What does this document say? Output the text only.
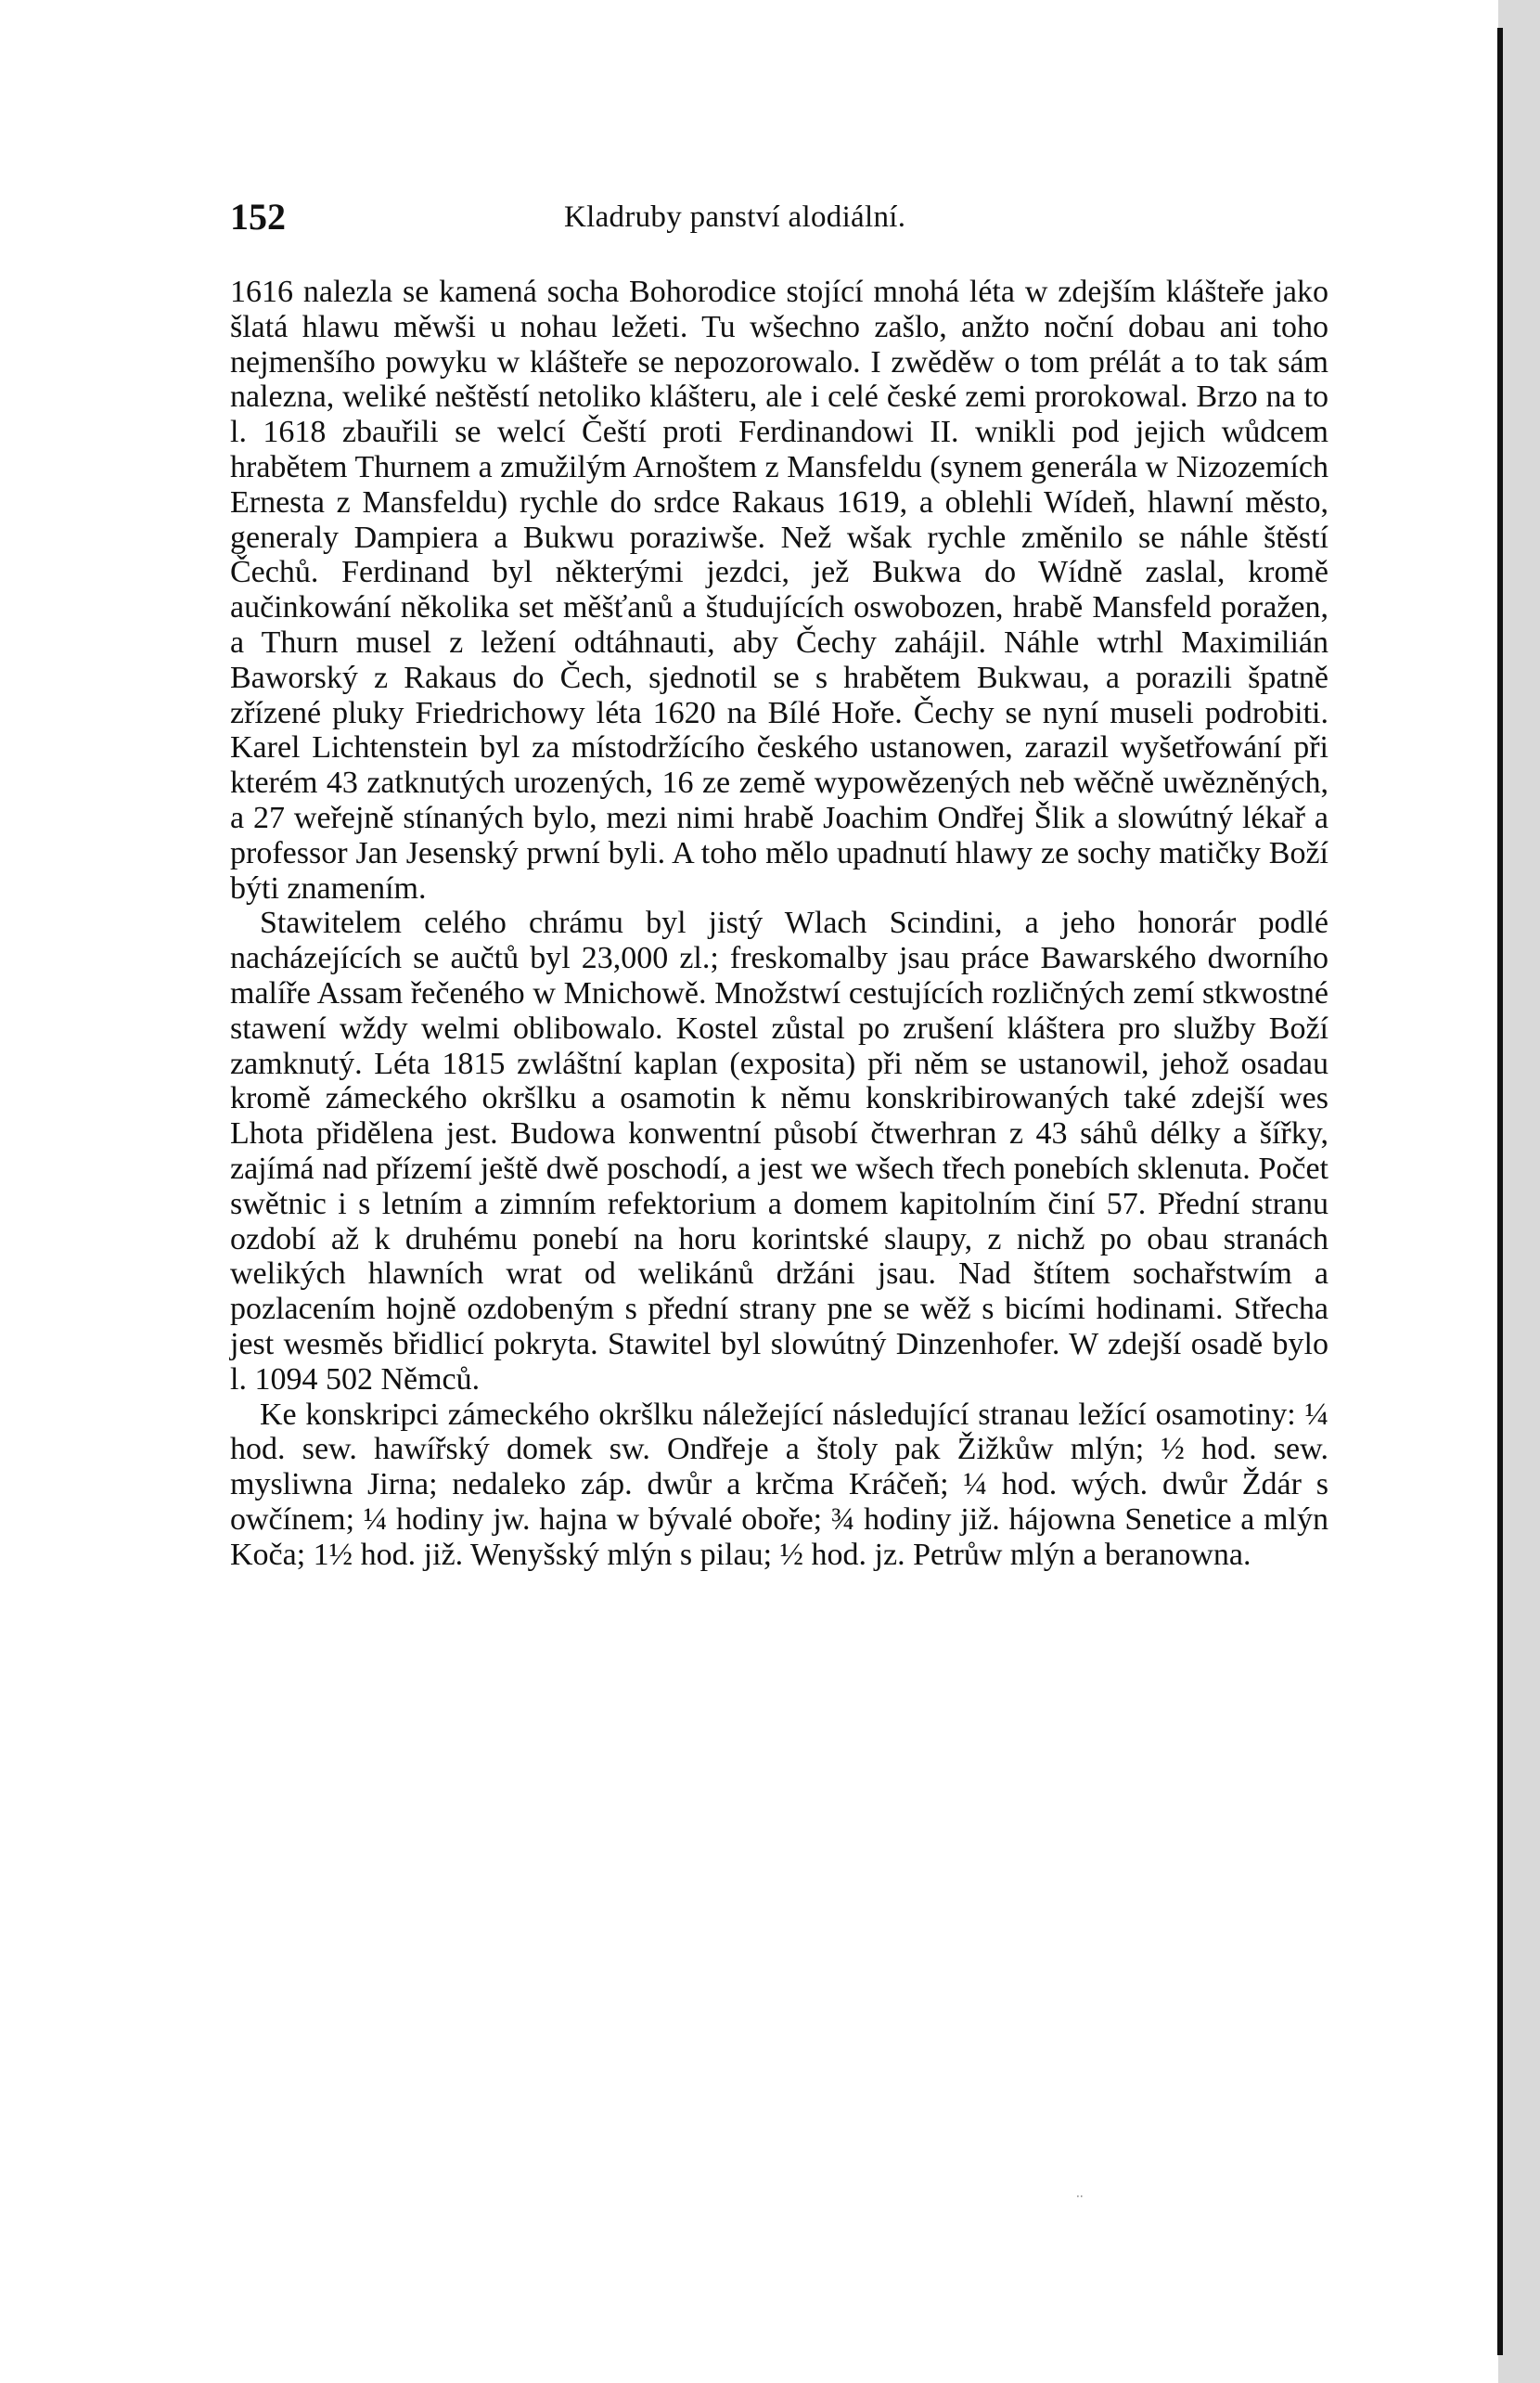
152	Kladruby panství alodiální.

1616 nalezla se kamená socha Bohorodice stojící mnohá léta w zdejším klášteře jako šlatá hlawu měwši u nohau ležeti. Tu wšechno zašlo, anžto noční dobau ani toho nejmenšího powyku w klášteře se nepozorowalo. I zwěděw o tom prélát a to tak sám nalezna, weliké neštěstí netoliko klášteru, ale i celé české zemi prorokowal. Brzo na to l. 1618 zbauřili se welcí Čeští proti Ferdinandowi II. wnikli pod jejich wůdcem hrabětem Thurnem a zmužilým Arnoštem z Mansfeldu (synem generála w Nizozemích Ernesta z Mansfeldu) rychle do srdce Rakaus 1619, a oblehli Wídeň, hlawní město, generaly Dampiera a Bukwu poraziwše. Než wšak rychle změnilo se náhle štěstí Čechů. Ferdinand byl některými jezdci, jež Bukwa do Wídně zaslal, kromě aučinkowání několika set měšťanů a študujících oswobozen, hrabě Mansfeld poražen, a Thurn musel z ležení odtáhnauti, aby Čechy zahájil. Náhle wtrhl Maximilián Baworský z Rakaus do Čech, sjednotil se s hrabětem Bukwau, a porazili špatně zřízené pluky Friedrichowy léta 1620 na Bílé Hoře. Čechy se nyní museli podrobiti. Karel Lichtenstein byl za místodržícího českého ustanowen, zarazil wyšetřowání při kterém 43 zatknutých urozených, 16 ze země wypowězených neb wěčně uwězněných, a 27 weřejně stínaných bylo, mezi nimi hrabě Joachim Ondřej Šlik a slowútný lékař a professor Jan Jesenský prwní byli. A toho mělo upadnutí hlawy ze sochy matičky Boží býti znamením.

Stawitelem celého chrámu byl jistý Wlach Scindini, a jeho honorár podlé nacházejících se aučtů byl 23,000 zl.; freskomalby jsau práce Bawarského dworního malíře Assam řečeného w Mnichowě. Množstwí cestujících rozličných zemí stkwostné stawení wždy welmi oblibowalo. Kostel zůstal po zrušení kláštera pro služby Boží zamknutý. Léta 1815 zwláštní kaplan (exposita) při něm se ustanowil, jehož osadau kromě zámeckého okršlku a osamotin k němu konskribirowaných také zdejší wes Lhota přidělena jest. Budowa konwentní působí čtwerhran z 43 sáhů délky a šířky, zajímá nad přízemí ještě dwě poschodí, a jest we wšech třech ponebích sklenuta. Počet swětnic i s letním a zimním refektorium a domem kapitolním činí 57. Přední stranu ozdobí až k druhému ponebí na horu korintské slaupy, z nichž po obau stranách welikých hlawních wrat od welikánů držáni jsau. Nad štítem sochařstwím a pozlacením hojně ozdobeným s přední strany pne se wěž s bicími hodinami. Střecha jest wesměs břidlicí pokryta. Stawitel byl slowútný Dinzenhofer. W zdejší osadě bylo l. 1094 502 Němců.

Ke konskripci zámeckého okršlku náležející následující stranau ležící osamotiny: ¼ hod. sew. hawířský domek sw. Ondřeje a štoly pak Žižkůw mlýn; ½ hod. sew. mysliwna Jirna; nedaleko záp. dwůr a krčma Kráčeň; ¼ hod. wých. dwůr Ždár s owčínem; ¼ hodiny jw. hajna w bývalé oboře; ¾ hodiny již. hájowna Senetice a mlýn Koča; 1½ hod. již. Wenyšský mlýn s pilau; ½ hod. jz. Petrůw mlýn a beranowna.

··
